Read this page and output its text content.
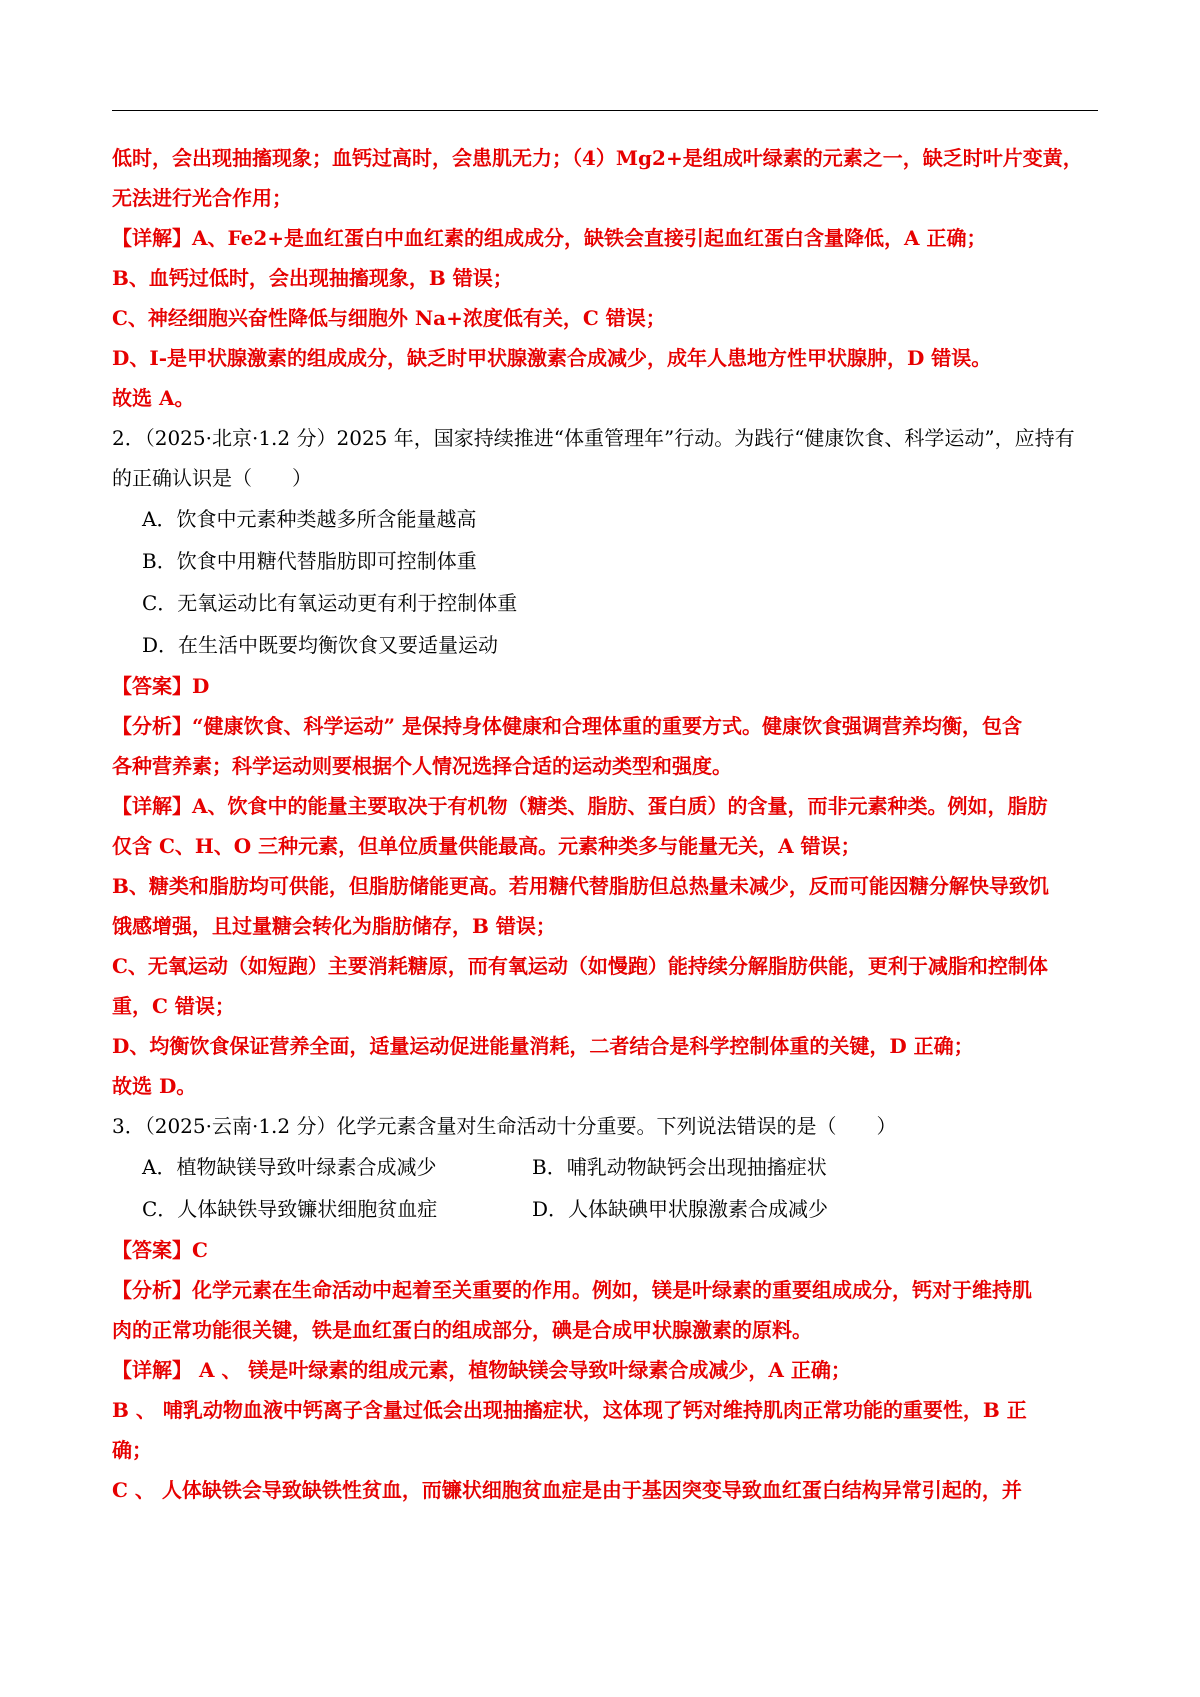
低时，会出现抽搐现象；血钙过高时，会患肌无力；（4）Mg2+是组成叶绿素的元素之一，缺乏时叶片变黄，
无法进行光合作用；
【详解】A、Fe2+是血红蛋白中血红素的组成成分，缺铁会直接引起血红蛋白含量降低，A 正确；
B、血钙过低时，会出现抽搐现象，B 错误；
C、神经细胞兴奋性降低与细胞外 Na+浓度低有关，C 错误；
D、I-是甲状腺激素的组成成分，缺乏时甲状腺激素合成减少，成年人患地方性甲状腺肿，D 错误。
故选 A。
2．（2025·北京·1.2 分）2025 年，国家持续推进“体重管理年”行动。为践行“健康饮食、科学运动”，应持有
的正确认识是（　　）
A．饮食中元素种类越多所含能量越高
B．饮食中用糖代替脂肪即可控制体重
C．无氧运动比有氧运动更有利于控制体重
D．在生活中既要均衡饮食又要适量运动
【答案】D
【分析】“健康饮食、科学运动” 是保持身体健康和合理体重的重要方式。健康饮食强调营养均衡，包含
各种营养素；科学运动则要根据个人情况选择合适的运动类型和强度。
【详解】A、饮食中的能量主要取决于有机物（糖类、脂肪、蛋白质）的含量，而非元素种类。例如，脂肪
仅含 C、H、O 三种元素，但单位质量供能最高。元素种类多与能量无关，A 错误；
B、糖类和脂肪均可供能，但脂肪储能更高。若用糖代替脂肪但总热量未减少，反而可能因糖分解快导致饥
饿感增强，且过量糖会转化为脂肪储存，B 错误；
C、无氧运动（如短跑）主要消耗糖原，而有氧运动（如慢跑）能持续分解脂肪供能，更利于减脂和控制体
重，C 错误；
D、均衡饮食保证营养全面，适量运动促进能量消耗，二者结合是科学控制体重的关键，D 正确；
故选 D。
3．（2025·云南·1.2 分）化学元素含量对生命活动十分重要。下列说法错误的是（　　）
A．植物缺镁导致叶绿素合成减少	B．哺乳动物缺钙会出现抽搐症状
C．人体缺铁导致镰状细胞贫血症	D．人体缺碘甲状腺激素合成减少
【答案】C
【分析】化学元素在生命活动中起着至关重要的作用。例如，镁是叶绿素的重要组成成分，钙对于维持肌
肉的正常功能很关键，铁是血红蛋白的组成部分，碘是合成甲状腺激素的原料。
【详解】 A 、 镁是叶绿素的组成元素，植物缺镁会导致叶绿素合成减少，A 正确；
B 、 哺乳动物血液中钙离子含量过低会出现抽搐症状，这体现了钙对维持肌肉正常功能的重要性，B 正
确；
C 、 人体缺铁会导致缺铁性贫血，而镰状细胞贫血症是由于基因突变导致血红蛋白结构异常引起的，并
